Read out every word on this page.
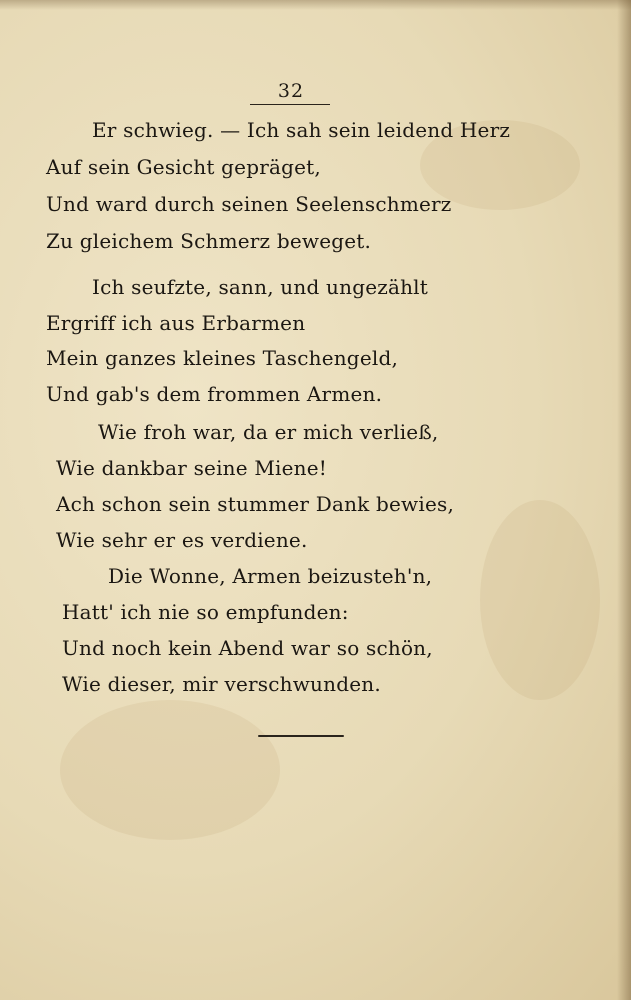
32
Er schwieg. — Ich sah sein leidend Herz
Auf sein Gesicht gepräget,
Und ward durch seinen Seelenschmerz
Zu gleichem Schmerz beweget.
Ich seufzte, sann, und ungezählt
Ergriff ich aus Erbarmen
Mein ganzes kleines Taschengeld,
Und gab's dem frommen Armen.
Wie froh war, da er mich verließ,
Wie dankbar seine Miene!
Ach schon sein stummer Dank bewies,
Wie sehr er es verdiene.
Die Wonne, Armen beizusteh'n,
Hatt' ich nie so empfunden:
Und noch kein Abend war so schön,
Wie dieser, mir verschwunden.
